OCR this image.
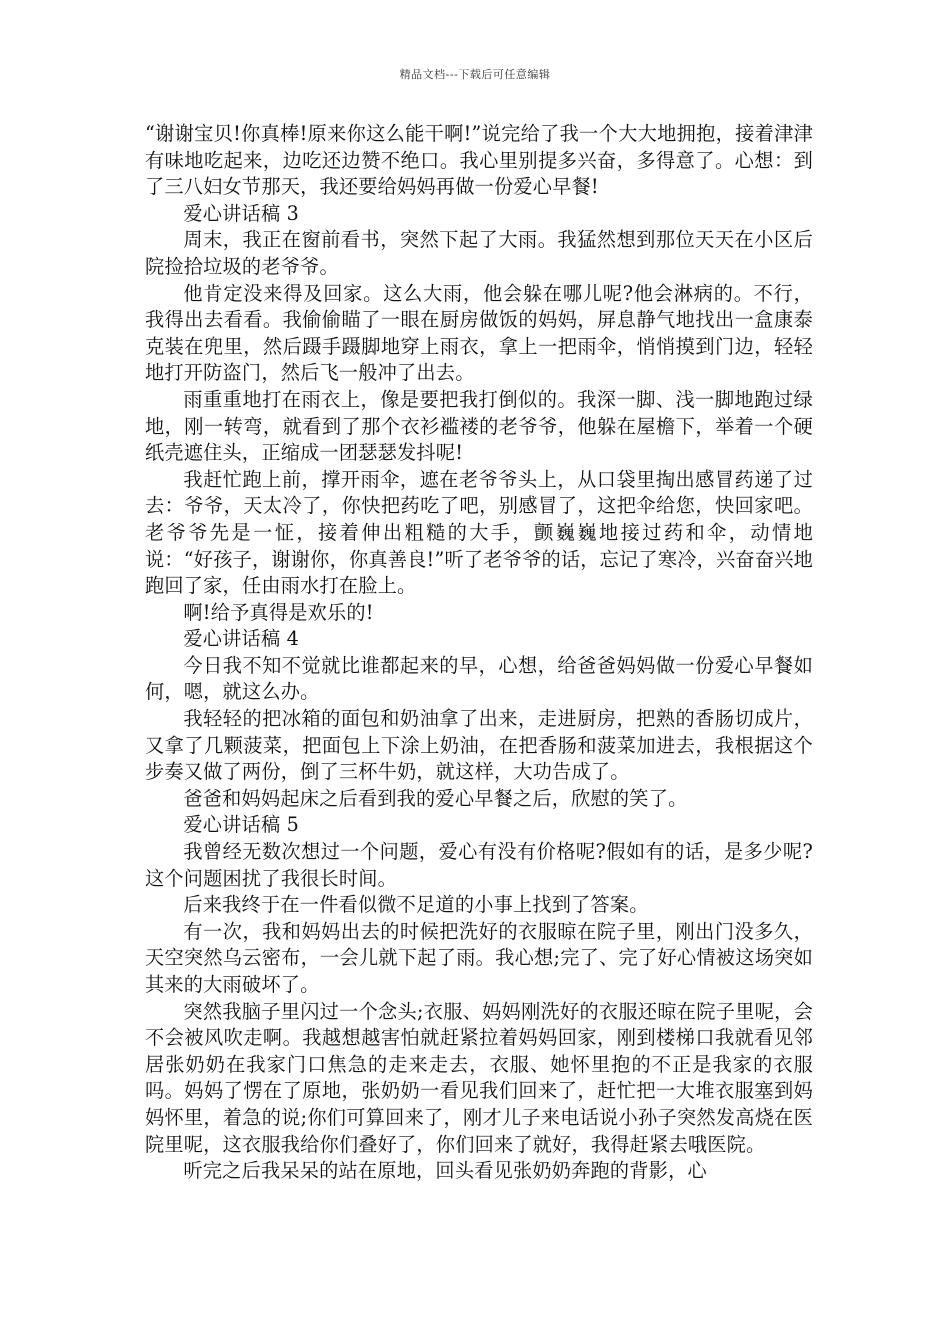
精品文档---下载后可任意编辑

“谢谢宝贝!你真棒!原来你这么能干啊!”说完给了我一个大大地拥抱，接着津津有味地吃起来，边吃还边赞不绝口。我心里别提多兴奋，多得意了。心想：到了三八妇女节那天，我还要给妈妈再做一份爱心早餐!

爱心讲话稿 3

周末，我正在窗前看书，突然下起了大雨。我猛然想到那位天天在小区后院捡拾垃圾的老爷爷。

他肯定没来得及回家。这么大雨，他会躲在哪儿呢?他会淋病的。不行，我得出去看看。我偷偷瞄了一眼在厨房做饭的妈妈，屏息静气地找出一盒康泰克装在兜里，然后蹑手蹑脚地穿上雨衣，拿上一把雨伞，悄悄摸到门边，轻轻地打开防盗门，然后飞一般冲了出去。

雨重重地打在雨衣上，像是要把我打倒似的。我深一脚、浅一脚地跑过绿地，刚一转弯，就看到了那个衣衫褴褛的老爷爷，他躲在屋檐下，举着一个硬纸壳遮住头，正缩成一团瑟瑟发抖呢!

我赶忙跑上前，撑开雨伞，遮在老爷爷头上，从口袋里掏出感冒药递了过去：爷爷，天太冷了，你快把药吃了吧，别感冒了，这把伞给您，快回家吧。老爷爷先是一怔，接着伸出粗糙的大手，颤巍巍地接过药和伞，动情地说：“好孩子，谢谢你，你真善良!”听了老爷爷的话，忘记了寒冷，兴奋奋兴地跑回了家，任由雨水打在脸上。

啊!给予真得是欢乐的!

爱心讲话稿 4

今日我不知不觉就比谁都起来的早，心想，给爸爸妈妈做一份爱心早餐如何，嗯，就这么办。

我轻轻的把冰箱的面包和奶油拿了出来，走进厨房，把熟的香肠切成片，又拿了几颗菠菜，把面包上下涂上奶油，在把香肠和菠菜加进去，我根据这个步奏又做了两份，倒了三杯牛奶，就这样，大功告成了。

爸爸和妈妈起床之后看到我的爱心早餐之后，欣慰的笑了。

爱心讲话稿 5

我曾经无数次想过一个问题，爱心有没有价格呢?假如有的话，是多少呢?这个问题困扰了我很长时间。

后来我终于在一件看似微不足道的小事上找到了答案。

有一次，我和妈妈出去的时候把洗好的衣服晾在院子里，刚出门没多久，天空突然乌云密布，一会儿就下起了雨。我心想;完了、完了好心情被这场突如其来的大雨破坏了。

突然我脑子里闪过一个念头;衣服、妈妈刚洗好的衣服还晾在院子里呢，会不会被风吹走啊。我越想越害怕就赶紧拉着妈妈回家，刚到楼梯口我就看见邻居张奶奶在我家门口焦急的走来走去，衣服、她怀里抱的不正是我家的衣服吗。妈妈了愣在了原地，张奶奶一看见我们回来了，赶忙把一大堆衣服塞到妈妈怀里，着急的说;你们可算回来了，刚才儿子来电话说小孙子突然发高烧在医院里呢，这衣服我给你们叠好了，你们回来了就好，我得赶紧去哦医院。

听完之后我呆呆的站在原地，回头看见张奶奶奔跑的背影，心
